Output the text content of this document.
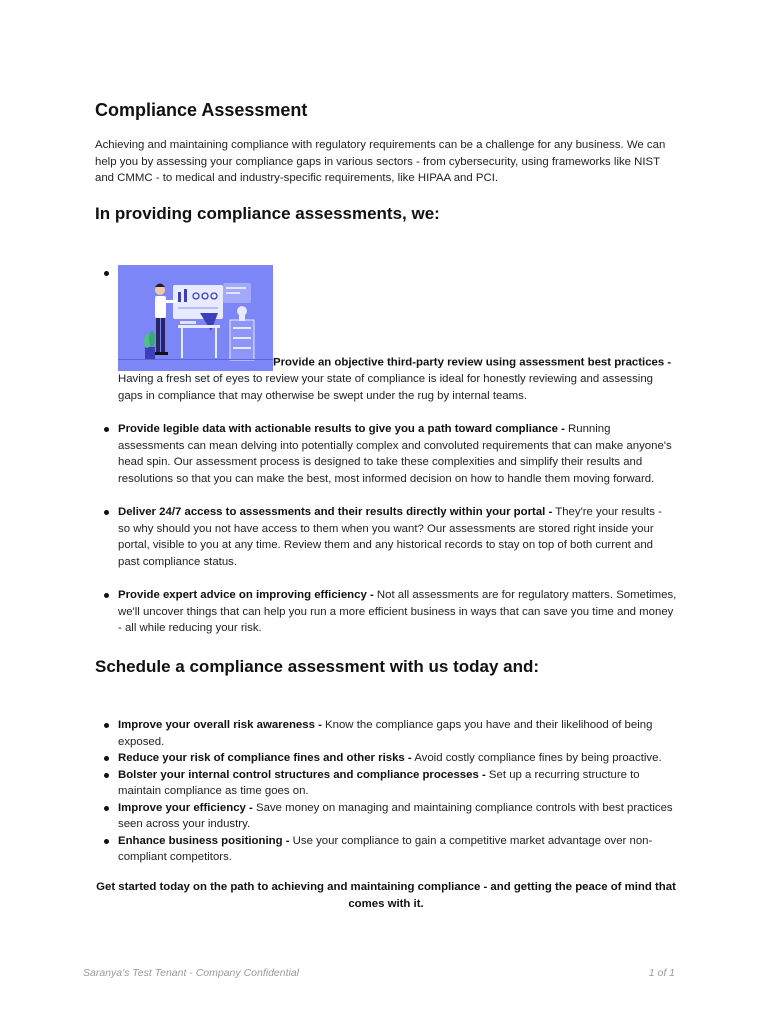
Compliance Assessment

Achieving and maintaining compliance with regulatory requirements can be a challenge for any business. We can help you by assessing your compliance gaps in various sectors - from cybersecurity, using frameworks like NIST and CMMC - to medical and industry-specific requirements, like HIPAA and PCI.

In providing compliance assessments, we:
Provide an objective third-party review using assessment best practices - Having a fresh set of eyes to review your state of compliance is ideal for honestly reviewing and assessing gaps in compliance that may otherwise be swept under the rug by internal teams.
Provide legible data with actionable results to give you a path toward compliance - Running assessments can mean delving into potentially complex and convoluted requirements that can make anyone's head spin. Our assessment process is designed to take these complexities and simplify their results and resolutions so that you can make the best, most informed decision on how to handle them moving forward.
Deliver 24/7 access to assessments and their results directly within your portal - They're your results - so why should you not have access to them when you want? Our assessments are stored right inside your portal, visible to you at any time. Review them and any historical records to stay on top of both current and past compliance status.
Provide expert advice on improving efficiency - Not all assessments are for regulatory matters. Sometimes, we'll uncover things that can help you run a more efficient business in ways that can save you time and money - all while reducing your risk.
Schedule a compliance assessment with us today and:
Improve your overall risk awareness - Know the compliance gaps you have and their likelihood of being exposed.
Reduce your risk of compliance fines and other risks - Avoid costly compliance fines by being proactive.
Bolster your internal control structures and compliance processes - Set up a recurring structure to maintain compliance as time goes on.
Improve your efficiency - Save money on managing and maintaining compliance controls with best practices seen across your industry.
Enhance business positioning - Use your compliance to gain a competitive market advantage over non-compliant competitors.

Get started today on the path to achieving and maintaining compliance - and getting the peace of mind that comes with it.

Saranya's Test Tenant - Company Confidential	1 of 1
